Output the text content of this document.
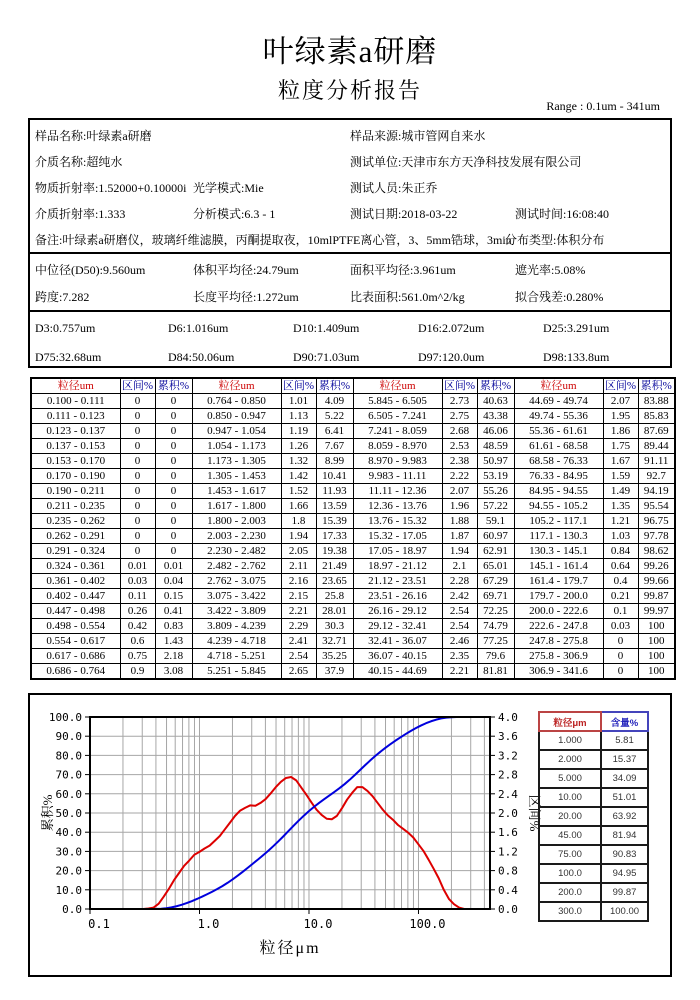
叶绿素a研磨
粒度分析报告
Range : 0.1um - 341um
样品名称:叶绿素a研磨	样品来源:城市管网自来水
介质名称:超纯水	测试单位:天津市东方天净科技发展有限公司
物质折射率:1.52000+0.10000i 光学模式:Mie	测试人员:朱正乔
介质折射率:1.333	分析模式:6.3 - 1	测试日期:2018-03-22	测试时间:16:08:40
备注:叶绿素a研磨仪，玻璃纤维滤膜，丙酮提取夜，10mlPTFE离心管，3、5mm锆球，3min
分布类型:体积分布
中位径(D50):9.560um	体积平均径:24.79um	面积平均径:3.961um	遮光率:5.08%
跨度:7.282	长度平均径:1.272um	比表面积:561.0m^2/kg	拟合残差:0.280%
D3:0.757um	D6:1.016um	D10:1.409um	D16:2.072um	D25:3.291um
D75:32.68um	D84:50.06um	D90:71.03um	D97:120.0um	D98:133.8um
粒径um	区间%	累积%	粒径um	区间%	累积%	粒径um	区间%	累积%	粒径um	区间%	累积%
0.100 - 0.111	0	0	0.764 - 0.850	1.01	4.09	5.845 - 6.505	2.73	40.63	44.69 - 49.74	2.07	83.88
0.111 - 0.123	0	0	0.850 - 0.947	1.13	5.22	6.505 - 7.241	2.75	43.38	49.74 - 55.36	1.95	85.83
0.123 - 0.137	0	0	0.947 - 1.054	1.19	6.41	7.241 - 8.059	2.68	46.06	55.36 - 61.61	1.86	87.69
0.137 - 0.153	0	0	1.054 - 1.173	1.26	7.67	8.059 - 8.970	2.53	48.59	61.61 - 68.58	1.75	89.44
0.153 - 0.170	0	0	1.173 - 1.305	1.32	8.99	8.970 - 9.983	2.38	50.97	68.58 - 76.33	1.67	91.11
0.170 - 0.190	0	0	1.305 - 1.453	1.42	10.41	9.983 - 11.11	2.22	53.19	76.33 - 84.95	1.59	92.7
0.190 - 0.211	0	0	1.453 - 1.617	1.52	11.93	11.11 - 12.36	2.07	55.26	84.95 - 94.55	1.49	94.19
0.211 - 0.235	0	0	1.617 - 1.800	1.66	13.59	12.36 - 13.76	1.96	57.22	94.55 - 105.2	1.35	95.54
0.235 - 0.262	0	0	1.800 - 2.003	1.8	15.39	13.76 - 15.32	1.88	59.1	105.2 - 117.1	1.21	96.75
0.262 - 0.291	0	0	2.003 - 2.230	1.94	17.33	15.32 - 17.05	1.87	60.97	117.1 - 130.3	1.03	97.78
0.291 - 0.324	0	0	2.230 - 2.482	2.05	19.38	17.05 - 18.97	1.94	62.91	130.3 - 145.1	0.84	98.62
0.324 - 0.361	0.01	0.01	2.482 - 2.762	2.11	21.49	18.97 - 21.12	2.1	65.01	145.1 - 161.4	0.64	99.26
0.361 - 0.402	0.03	0.04	2.762 - 3.075	2.16	23.65	21.12 - 23.51	2.28	67.29	161.4 - 179.7	0.4	99.66
0.402 - 0.447	0.11	0.15	3.075 - 3.422	2.15	25.8	23.51 - 26.16	2.42	69.71	179.7 - 200.0	0.21	99.87
0.447 - 0.498	0.26	0.41	3.422 - 3.809	2.21	28.01	26.16 - 29.12	2.54	72.25	200.0 - 222.6	0.1	99.97
0.498 - 0.554	0.42	0.83	3.809 - 4.239	2.29	30.3	29.12 - 32.41	2.54	74.79	222.6 - 247.8	0.03	100
0.554 - 0.617	0.6	1.43	4.239 - 4.718	2.41	32.71	32.41 - 36.07	2.46	77.25	247.8 - 275.8	0	100
0.617 - 0.686	0.75	2.18	4.718 - 5.251	2.54	35.25	36.07 - 40.15	2.35	79.6	275.8 - 306.9	0	100
0.686 - 0.764	0.9	3.08	5.251 - 5.845	2.65	37.9	40.15 - 44.69	2.21	81.81	306.9 - 341.6	0	100
0.0	0.0
10.0	0.4
20.0	0.8
30.0	1.2
40.0	1.6
50.0	2.0
60.0	2.4
70.0	2.8
80.0	3.2
90.0	3.6
100.0	4.0
0.1	1.0	10.0	100.0
累积%	区间%
粒径μm
粒径μm	含量%
1.000	5.81
2.000	15.37
5.000	34.09
10.00	51.01
20.00	63.92
45.00	81.94
75.00	90.83
100.0	94.95
200.0	99.87
300.0	100.00
